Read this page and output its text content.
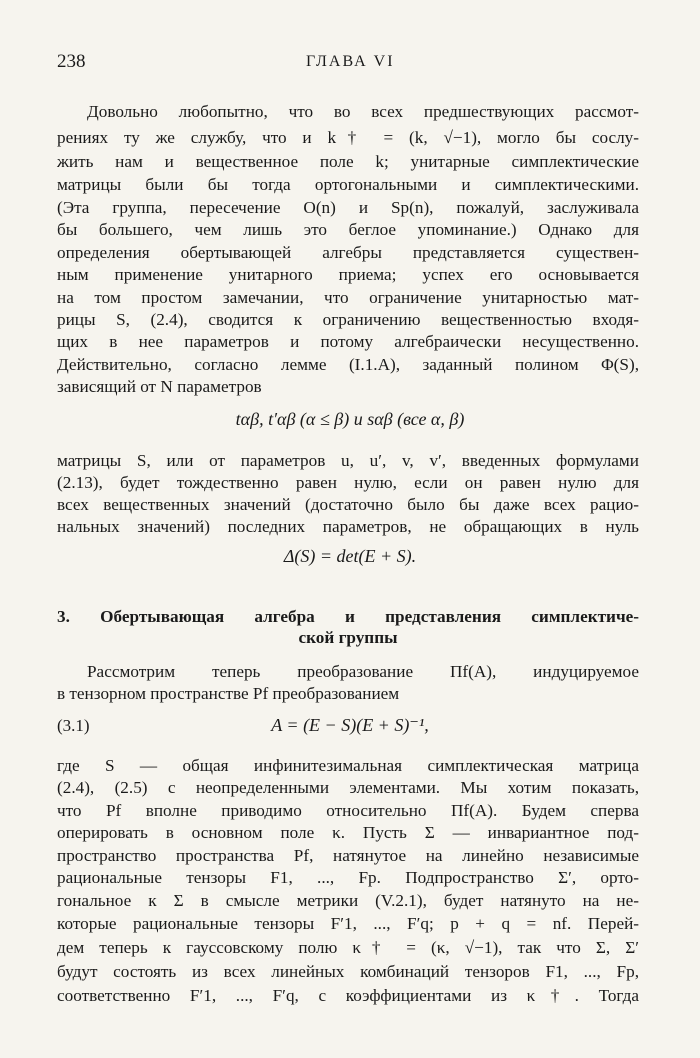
238	ГЛАВА VI
Довольно любопытно, что во всех предшествующих рассмот-
рениях ту же службу, что и k† = (k, √−1), могло бы сослу-
жить нам и вещественное поле k; унитарные симплектические
матрицы были бы тогда ортогональными и симплектическими.
(Эта группа, пересечение O(n) и Sp(n), пожалуй, заслуживала
бы большего, чем лишь это беглое упоминание.) Однако для
определения обертывающей алгебры представляется существен-
ным применение унитарного приема; успех его основывается
на том простом замечании, что ограничение унитарностью мат-
рицы S, (2.4), сводится к ограничению вещественностью входя-
щих в нее параметров и потому алгебраически несущественно.
Действительно, согласно лемме (I.1.A), заданный полином Φ(S),
зависящий от N параметров
tαβ, t′αβ (α ≤ β) и sαβ (все α, β)
матрицы S, или от параметров u, u′, v, v′, введенных формулами
(2.13), будет тождественно равен нулю, если он равен нулю для
всех вещественных значений (достаточно было бы даже всех рацио-
нальных значений) последних параметров, не обращающих в нуль
Δ(S) = det(E + S).
3. Обертывающая алгебра и представления симплектиче-
ской группы
Рассмотрим теперь преобразование Πf(A), индуцируемое
в тензорном пространстве Pf преобразованием
(3.1)	A = (E − S)(E + S)⁻¹,
где S — общая инфинитезимальная симплектическая матрица
(2.4), (2.5) с неопределенными элементами. Мы хотим показать,
что Pf вполне приводимо относительно Πf(A). Будем сперва
оперировать в основном поле κ. Пусть Σ — инвариантное под-
пространство пространства Pf, натянутое на линейно независимые
рациональные тензоры F1, ..., Fp. Подпространство Σ′, орто-
гональное к Σ в смысле метрики (V.2.1), будет натянуто на не-
которые рациональные тензоры F′1, ..., F′q; p + q = nf. Перей-
дем теперь к гауссовскому полю κ† = (κ, √−1), так что Σ, Σ′
будут состоять из всех линейных комбинаций тензоров F1, ..., Fp,
соответственно F′1, ..., F′q, с коэффициентами из κ†. Тогда
